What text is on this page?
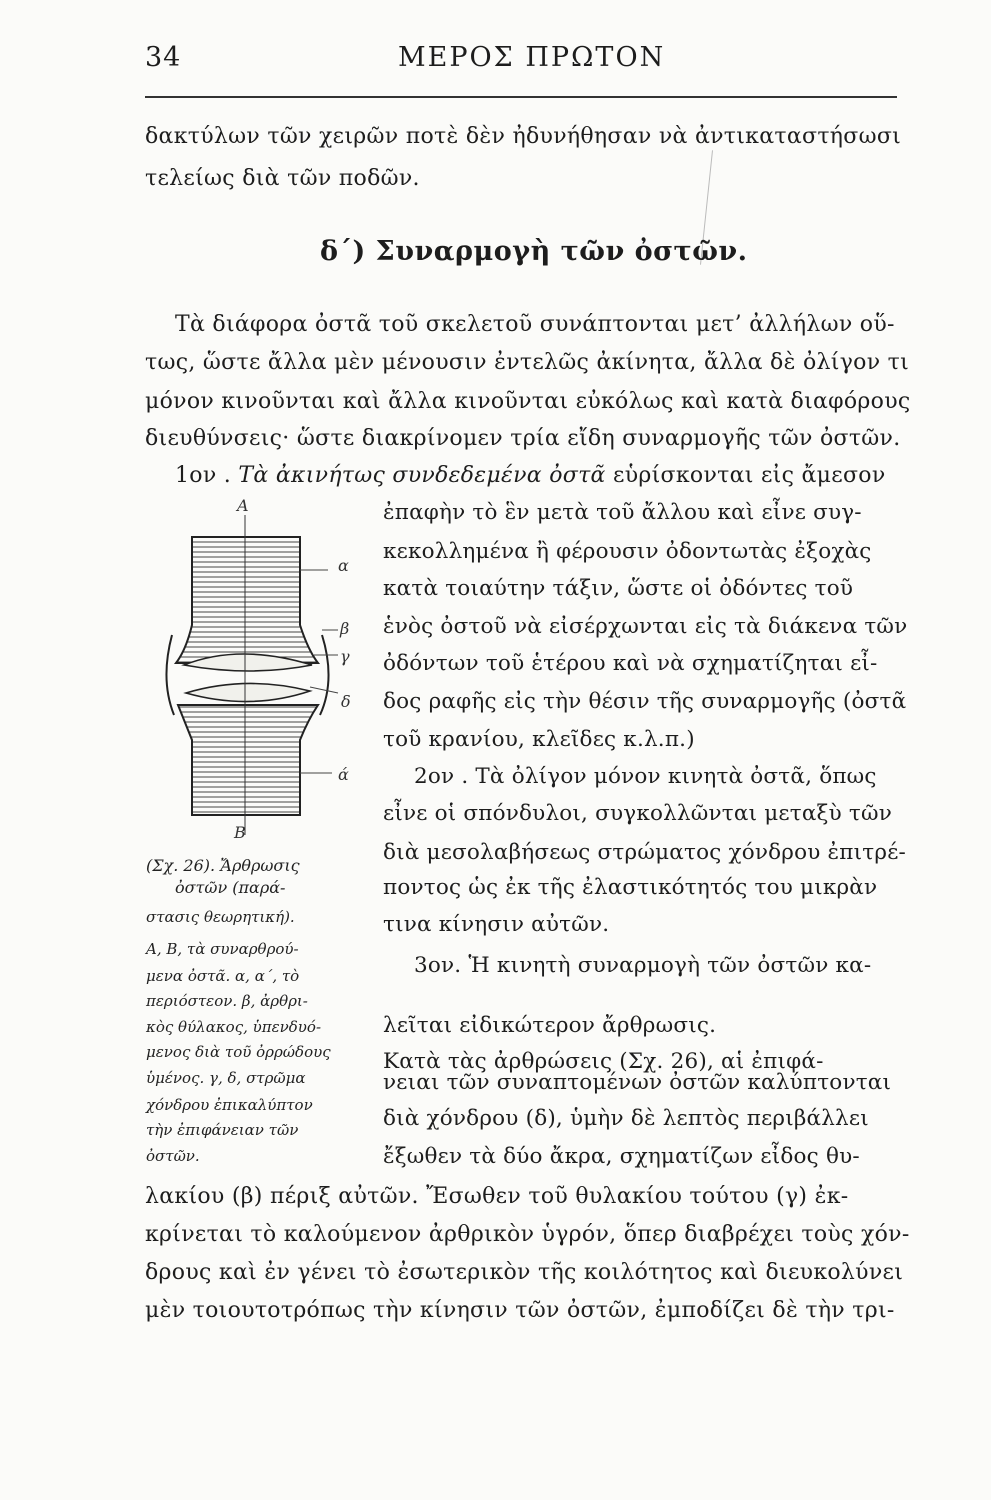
34	ΜΕΡΟΣ ΠΡΩΤΟΝ
δακτύλων τῶν χειρῶν ποτὲ δὲν ἠδυνήθησαν νὰ ἀντικαταστήσωσι
τελείως διὰ τῶν ποδῶν.
δ΄) Συναρμογὴ τῶν ὀστῶν.
Τὰ διάφορα ὀστᾶ τοῦ σκελετοῦ συνάπτονται μετ’ ἀλλήλων οὕ-
τως, ὥστε ἄλλα μὲν μένουσιν ἐντελῶς ἀκίνητα, ἄλλα δὲ ὀλίγον τι
μόνον κινοῦνται καὶ ἄλλα κινοῦνται εὐκόλως καὶ κατὰ διαφόρους
διευθύνσεις· ὥστε διακρίνομεν τρία εἴδη συναρμογῆς τῶν ὀστῶν.
1ον . Τὰ ἀκινήτως συνδεδεμένα ὀστᾶ εὑρίσκονται εἰς ἄμεσον
ἐπαφὴν τὸ ἓν μετὰ τοῦ ἄλλου καὶ εἶνε συγ-
κεκολλημένα ἢ φέρουσιν ὀδοντωτὰς ἐξοχὰς
κατὰ τοιαύτην τάξιν, ὥστε οἱ ὀδόντες τοῦ
ἑνὸς ὀστοῦ νὰ εἰσέρχωνται εἰς τὰ διάκενα τῶν
ὀδόντων τοῦ ἑτέρου καὶ νὰ σχηματίζηται εἶ-
δος ραφῆς εἰς τὴν θέσιν τῆς συναρμογῆς (ὀστᾶ
τοῦ κρανίου, κλεῖδες κ.λ.π.)
2ον . Τὰ ὀλίγον μόνον κινητὰ ὀστᾶ, ὅπως
εἶνε οἱ σπόνδυλοι, συγκολλῶνται μεταξὺ τῶν
διὰ μεσολαβήσεως στρώματος χόνδρου ἐπιτρέ-
ποντος ὡς ἐκ τῆς ἐλαστικότητός του μικρὰν
τινα κίνησιν αὐτῶν.
3ον. Ἡ κινητὴ συναρμογὴ τῶν ὀστῶν κα-
λεῖται εἰδικώτερον ἄρθρωσις.
Κατὰ τὰς ἀρθρώσεις (Σχ. 26), αἱ ἐπιφά-
νειαι τῶν συναπτομένων ὀστῶν καλύπτονται
διὰ χόνδρου (δ), ὑμὴν δὲ λεπτὸς περιβάλλει
ἔξωθεν τὰ δύο ἄκρα, σχηματίζων εἶδος θυ-
λακίου (β) πέριξ αὐτῶν. Ἔσωθεν τοῦ θυλακίου τούτου (γ) ἐκ-
κρίνεται τὸ καλούμενον ἀρθρικὸν ὑγρόν, ὅπερ διαβρέχει τοὺς χόν-
δρους καὶ ἐν γένει τὸ ἐσωτερικὸν τῆς κοιλότητος καὶ διευκολύνει
μὲν τοιουτοτρόπως τὴν κίνησιν τῶν ὀστῶν, ἐμποδίζει δὲ τὴν τρι-
A
α
β
γ
δ
ά
B
(Σχ. 26). Ἄρθρωσις
ὀστῶν (παρά-
στασις θεωρητική).
Α, Β, τὰ συναρθρού-
μενα ὀστᾶ. α, α΄, τὸ
περιόστεον. β, ἀρθρι-
κὸς θύλακος, ὑπενδυό-
μενος διὰ τοῦ ὀρρώδους
ὑμένος. γ, δ, στρῶμα
χόνδρου ἐπικαλύπτον
τὴν ἐπιφάνειαν τῶν
ὀστῶν.
